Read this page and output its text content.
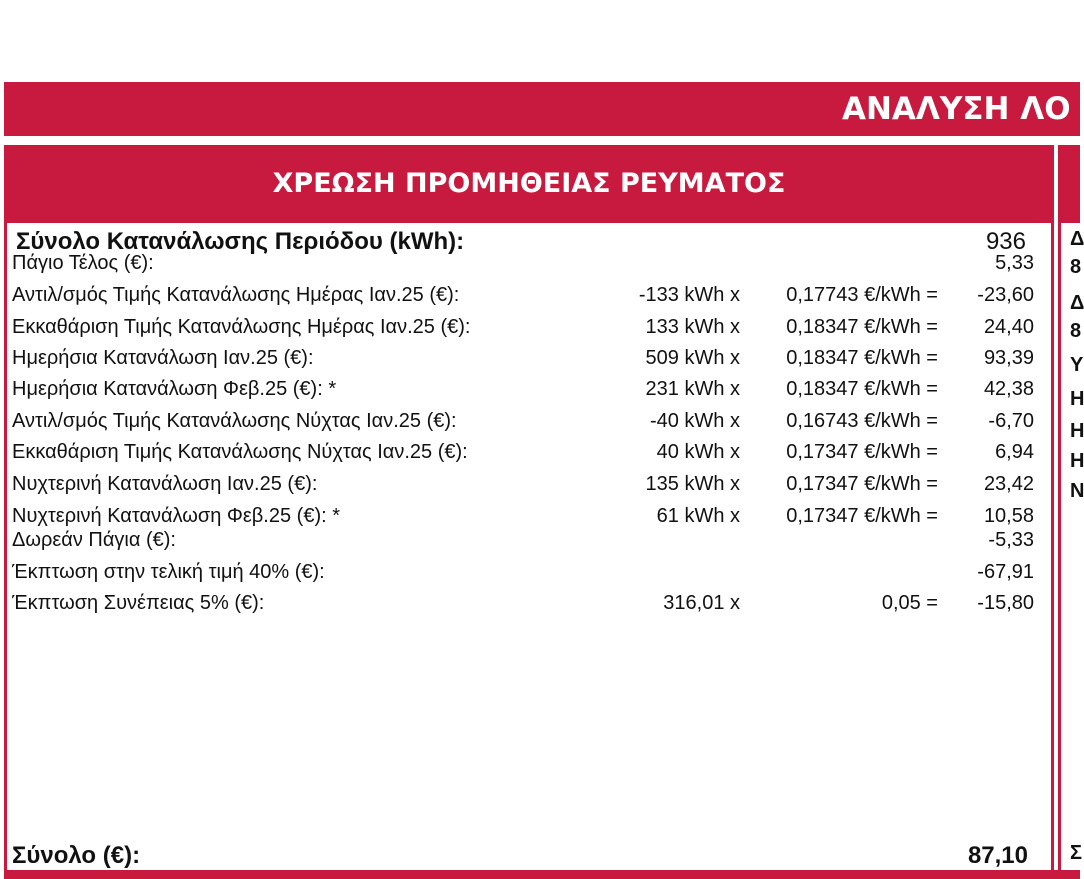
ΑΝΑΛΥΣΗ ΛΟ
ΧΡΕΩΣΗ ΠΡΟΜΗΘΕΙΑΣ ΡΕΥΜΑΤΟΣ
Σύνολο Κατανάλωσης Περιόδου (kWh):	936
Πάγιο Τέλος (€):	5,33
Αντιλ/σμός Τιμής Κατανάλωσης Ημέρας Ιαν.25 (€):	-133 kWh x 0,17743 €/kWh = -23,60
Εκκαθάριση Τιμής Κατανάλωσης Ημέρας Ιαν.25 (€):	133 kWh x 0,18347 €/kWh = 24,40
Ημερήσια Κατανάλωση Ιαν.25 (€):	509 kWh x 0,18347 €/kWh = 93,39
Ημερήσια Κατανάλωση Φεβ.25 (€): *	231 kWh x 0,18347 €/kWh = 42,38
Αντιλ/σμός Τιμής Κατανάλωσης Νύχτας Ιαν.25 (€):	-40 kWh x 0,16743 €/kWh =	-6,70
Εκκαθάριση Τιμής Κατανάλωσης Νύχτας Ιαν.25 (€):	40 kWh x 0,17347 €/kWh =	6,94
Νυχτερινή Κατανάλωση Ιαν.25 (€):	135 kWh x 0,17347 €/kWh = 23,42
Νυχτερινή Κατανάλωση Φεβ.25 (€): *	61 kWh x 0,17347 €/kWh = 10,58
Δωρεάν Πάγια (€):	-5,33
Έκπτωση στην τελική τιμή 40% (€):	-67,91
Έκπτωση Συνέπειας 5% (€):	316,01 x	0,05 = -15,80
Σύνολο (€):	87,10
Δ
8
Δ
8
Υ
Η
Η
Η
Ν
Σ
